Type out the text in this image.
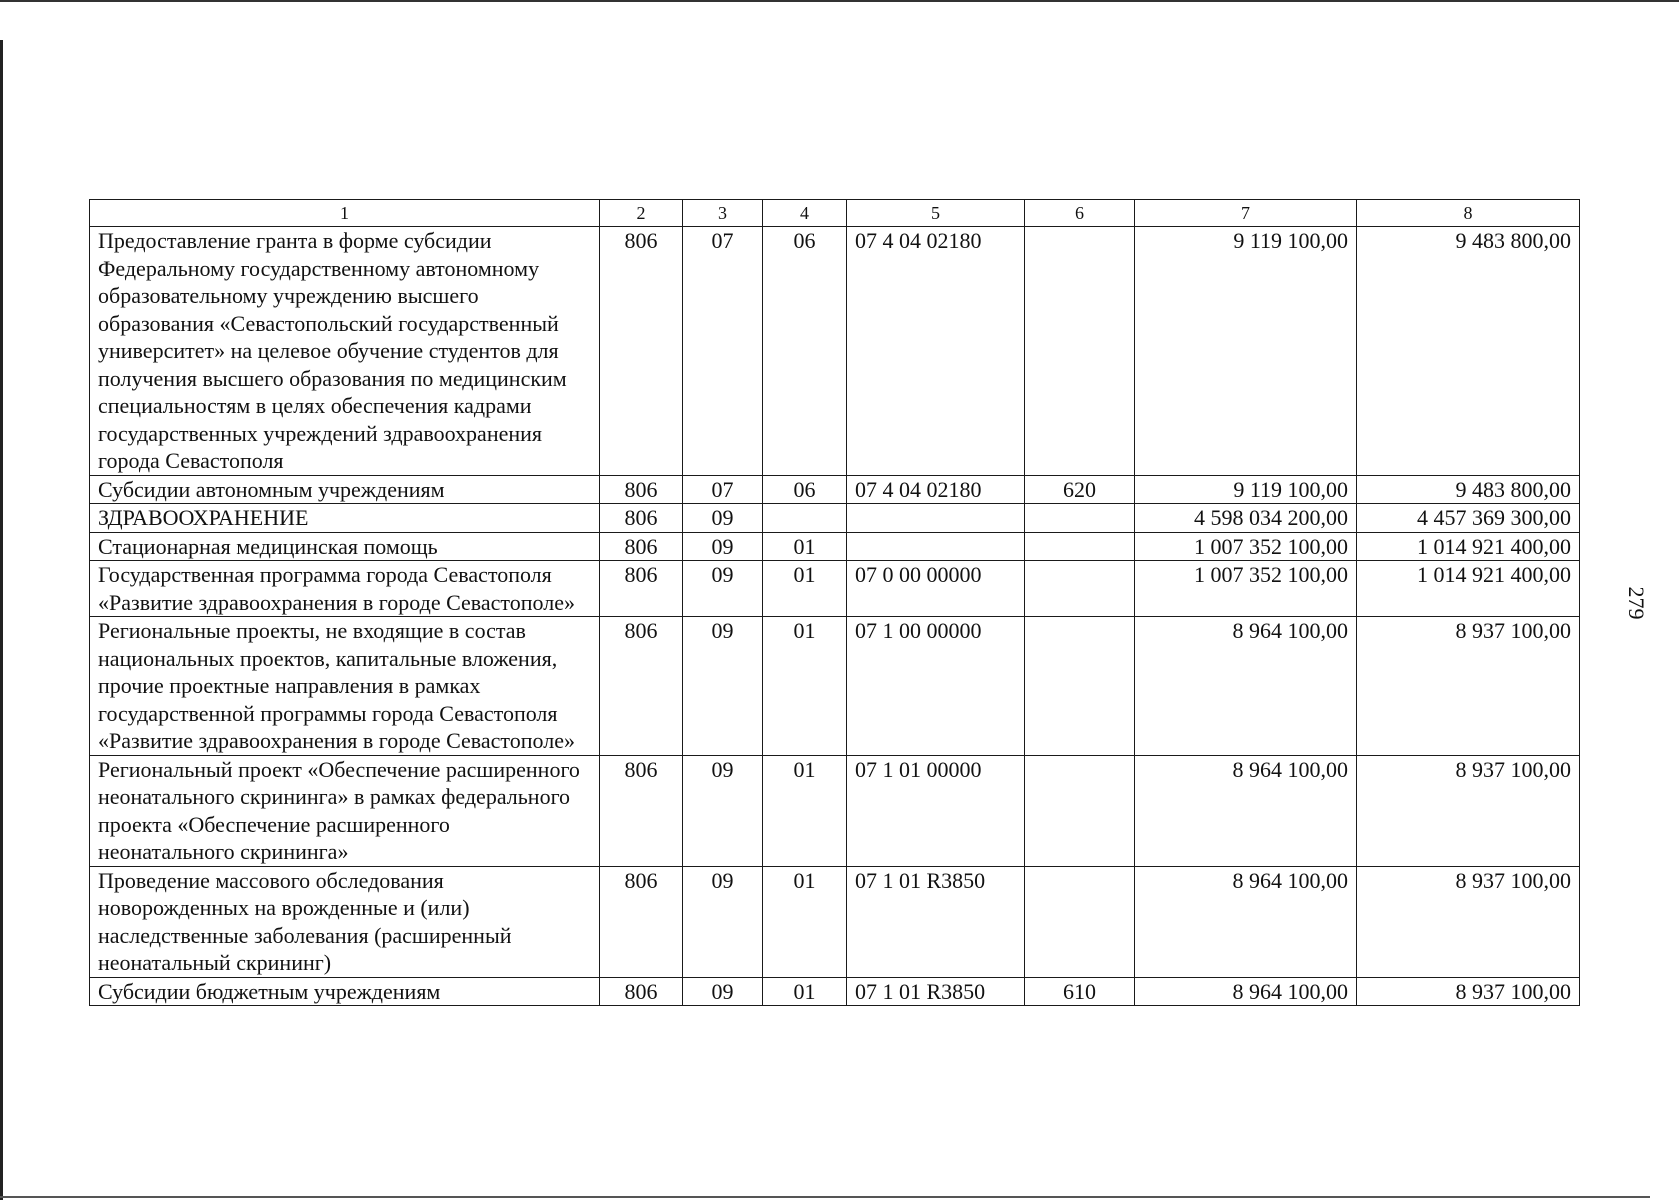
279
1	2	3	4	5	6	7	8
Предоставление гранта в форме субсидии Федеральному государственному автономному образовательному учреждению высшего образования «Севастопольский государственный университет» на целевое обучение студентов для получения высшего образования по медицинским специальностям в целях обеспечения кадрами государственных учреждений здравоохранения города Севастополя	806	07	06	07 4 04 02180		9 119 100,00	9 483 800,00
Субсидии автономным учреждениям	806	07	06	07 4 04 02180	620	9 119 100,00	9 483 800,00
ЗДРАВООХРАНЕНИЕ	806	09				4 598 034 200,00	4 457 369 300,00
Стационарная медицинская помощь	806	09	01			1 007 352 100,00	1 014 921 400,00
Государственная программа города Севастополя «Развитие здравоохранения в городе Севастополе»	806	09	01	07 0 00 00000		1 007 352 100,00	1 014 921 400,00
Региональные проекты, не входящие в состав национальных проектов, капитальные вложения, прочие проектные направления в рамках государственной программы города Севастополя «Развитие здравоохранения в городе Севастополе»	806	09	01	07 1 00 00000		8 964 100,00	8 937 100,00
Региональный проект «Обеспечение расширенного неонатального скрининга» в рамках федерального проекта «Обеспечение расширенного неонатального скрининга»	806	09	01	07 1 01 00000		8 964 100,00	8 937 100,00
Проведение массового обследования новорожденных на врожденные и (или) наследственные заболевания (расширенный неонатальный скрининг)	806	09	01	07 1 01 R3850		8 964 100,00	8 937 100,00
Субсидии бюджетным учреждениям	806	09	01	07 1 01 R3850	610	8 964 100,00	8 937 100,00
